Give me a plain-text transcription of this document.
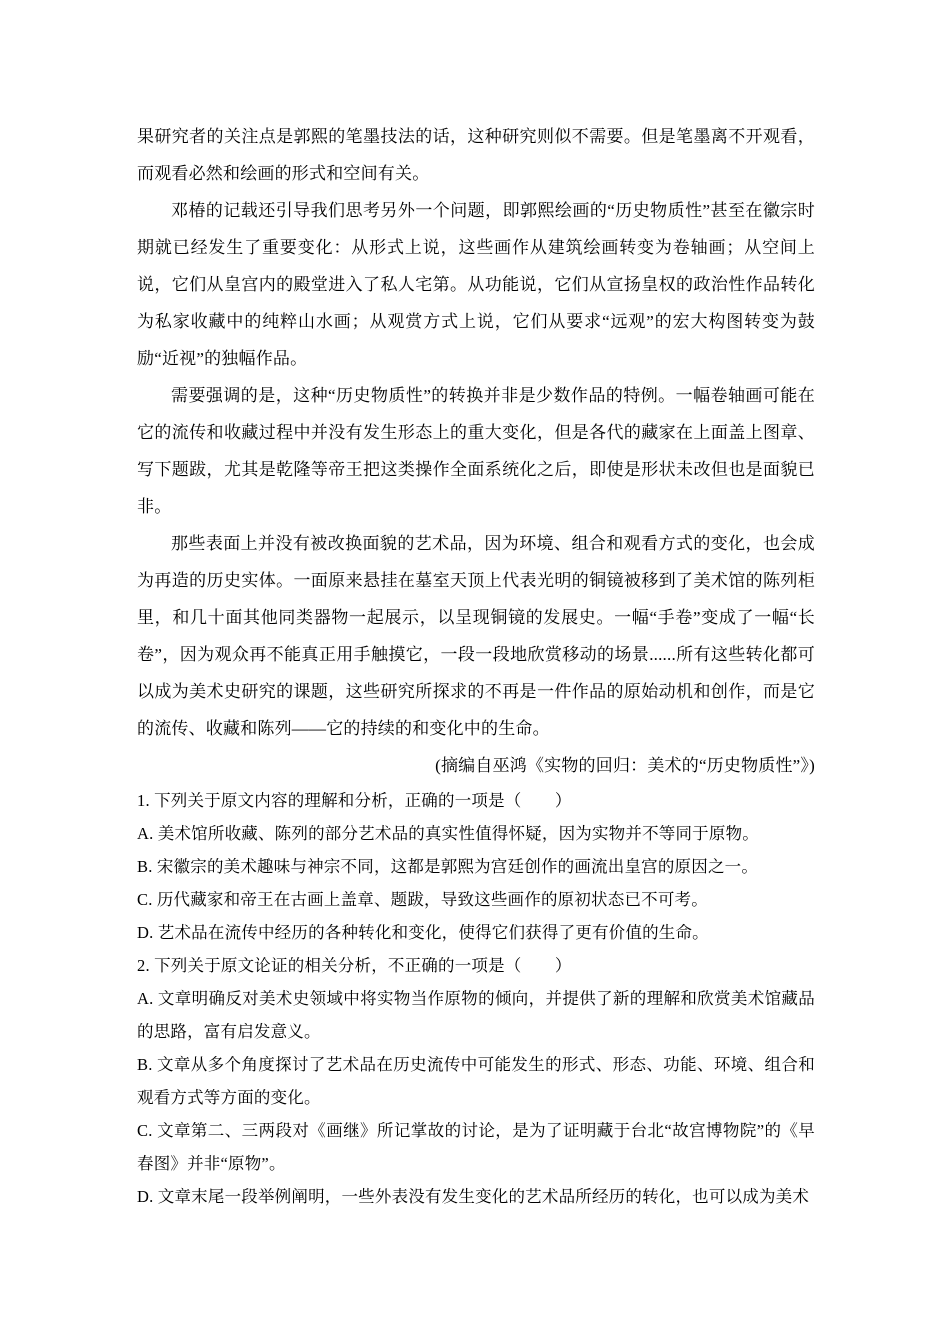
果研究者的关注点是郭熙的笔墨技法的话，这种研究则似不需要。但是笔墨离不开观看，而观看必然和绘画的形式和空间有关。

邓椿的记载还引导我们思考另外一个问题，即郭熙绘画的“历史物质性”甚至在徽宗时期就已经发生了重要变化：从形式上说，这些画作从建筑绘画转变为卷轴画；从空间上说，它们从皇宫内的殿堂进入了私人宅第。从功能说，它们从宣扬皇权的政治性作品转化为私家收藏中的纯粹山水画；从观赏方式上说，它们从要求“远观”的宏大构图转变为鼓励“近视”的独幅作品。

需要强调的是，这种“历史物质性”的转换并非是少数作品的特例。一幅卷轴画可能在它的流传和收藏过程中并没有发生形态上的重大变化，但是各代的藏家在上面盖上图章、写下题跋，尤其是乾隆等帝王把这类操作全面系统化之后，即使是形状未改但也是面貌已非。

那些表面上并没有被改换面貌的艺术品，因为环境、组合和观看方式的变化，也会成为再造的历史实体。一面原来悬挂在墓室天顶上代表光明的铜镜被移到了美术馆的陈列柜里，和几十面其他同类器物一起展示，以呈现铜镜的发展史。一幅“手卷”变成了一幅“长卷”，因为观众再不能真正用手触摸它，一段一段地欣赏移动的场景......所有这些转化都可以成为美术史研究的课题，这些研究所探求的不再是一件作品的原始动机和创作，而是它的流传、收藏和陈列——它的持续的和变化中的生命。

(摘编自巫鸿《实物的回归：美术的“历史物质性”》)

1. 下列关于原文内容的理解和分析，正确的一项是（　　）

A. 美术馆所收藏、陈列的部分艺术品的真实性值得怀疑，因为实物并不等同于原物。

B. 宋徽宗的美术趣味与神宗不同，这都是郭熙为宫廷创作的画流出皇宫的原因之一。

C. 历代藏家和帝王在古画上盖章、题跋，导致这些画作的原初状态已不可考。

D. 艺术品在流传中经历的各种转化和变化，使得它们获得了更有价值的生命。

2. 下列关于原文论证的相关分析，不正确的一项是（　　）

A. 文章明确反对美术史领域中将实物当作原物的倾向，并提供了新的理解和欣赏美术馆藏品的思路，富有启发意义。

B. 文章从多个角度探讨了艺术品在历史流传中可能发生的形式、形态、功能、环境、组合和观看方式等方面的变化。

C. 文章第二、三两段对《画继》所记掌故的讨论，是为了证明藏于台北“故宫博物院”的《早春图》并非“原物”。

D. 文章末尾一段举例阐明，一些外表没有发生变化的艺术品所经历的转化，也可以成为美术
